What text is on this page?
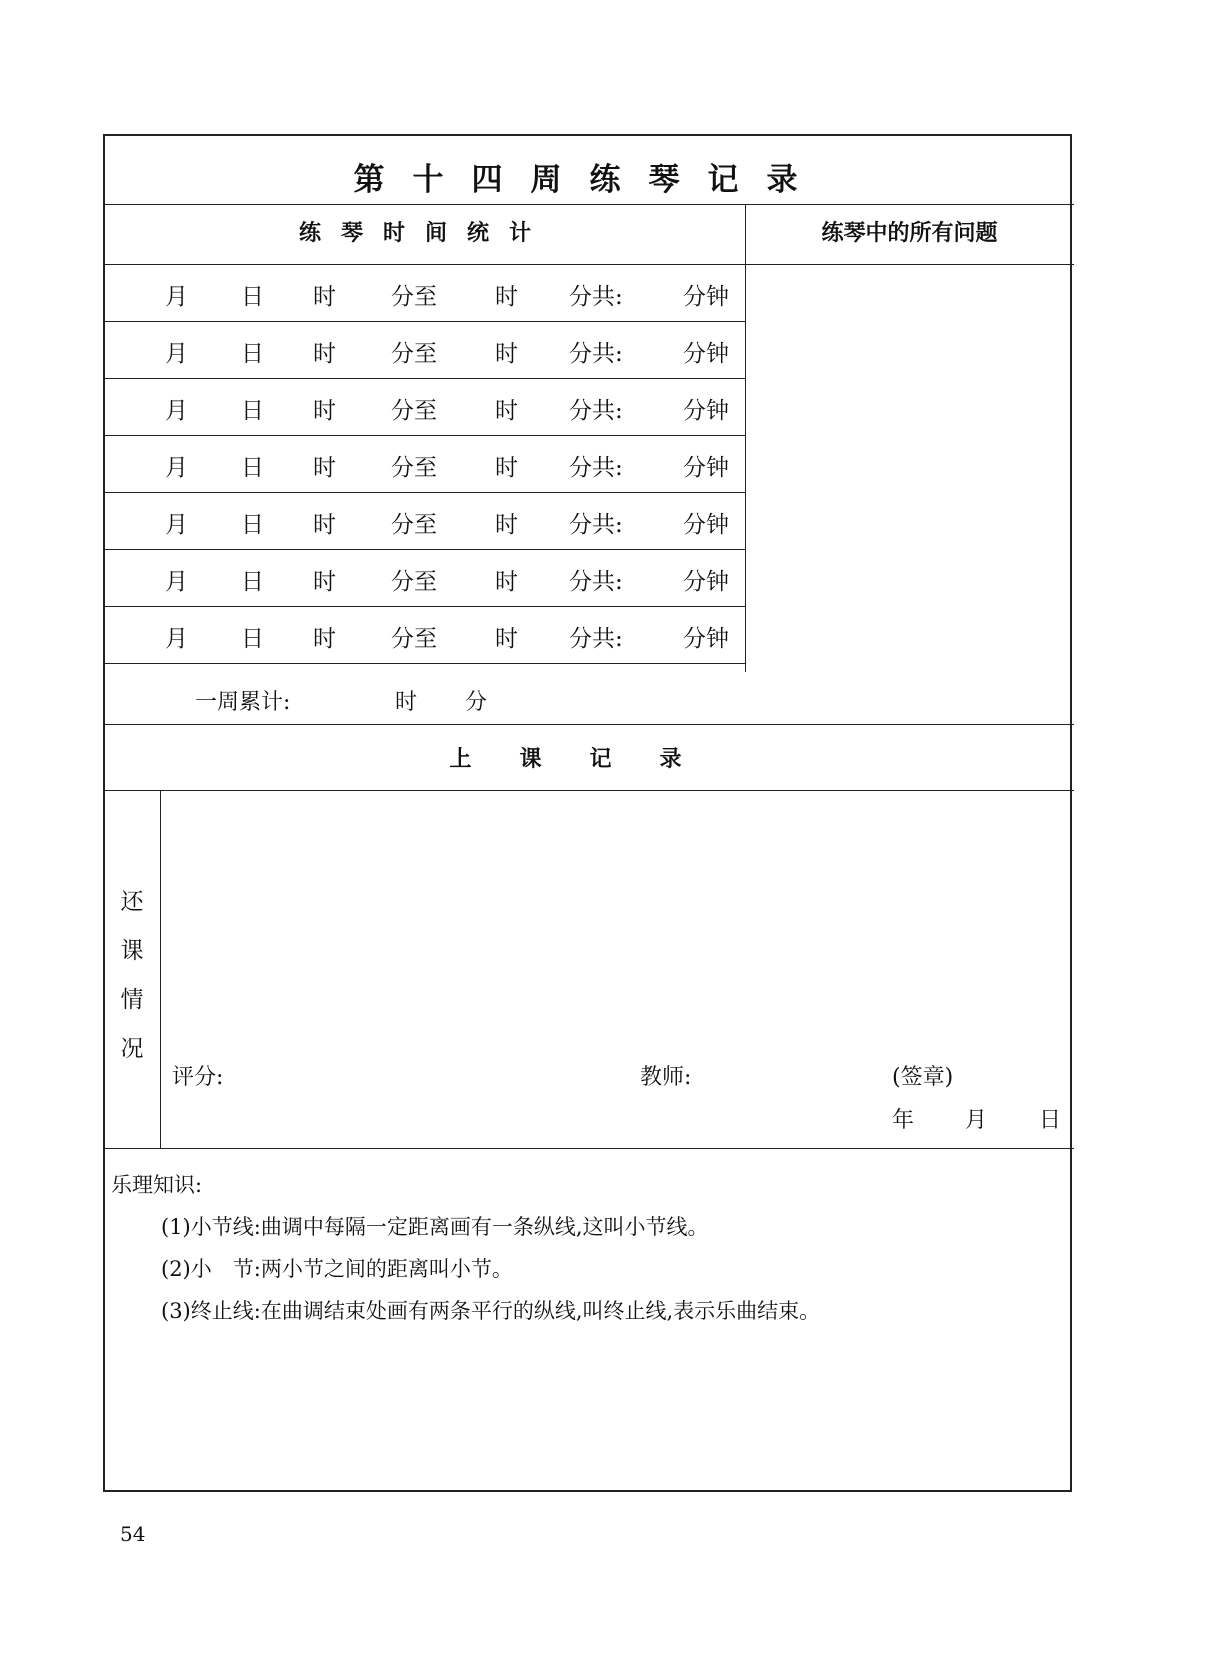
第十四周练琴记录
练琴时间统计	练琴中的所有问题
月 日 时 分至	时 分共:	分钟
月 日 时 分至	时 分共:	分钟
月 日 时 分至	时 分共:	分钟
月 日 时 分至	时 分共:	分钟
月 日 时 分至	时 分共:	分钟
月 日 时 分至	时 分共:	分钟
月 日 时 分至	时 分共:	分钟
一周累计:	时 分
上课记录
还
课
情
况
评分:	教师:	(签章)
年 月 日
乐理知识:
(1)小节线:曲调中每隔一定距离画有一条纵线,这叫小节线。
(2)小　节:两小节之间的距离叫小节。
(3)终止线:在曲调结束处画有两条平行的纵线,叫终止线,表示乐曲结束。
54
